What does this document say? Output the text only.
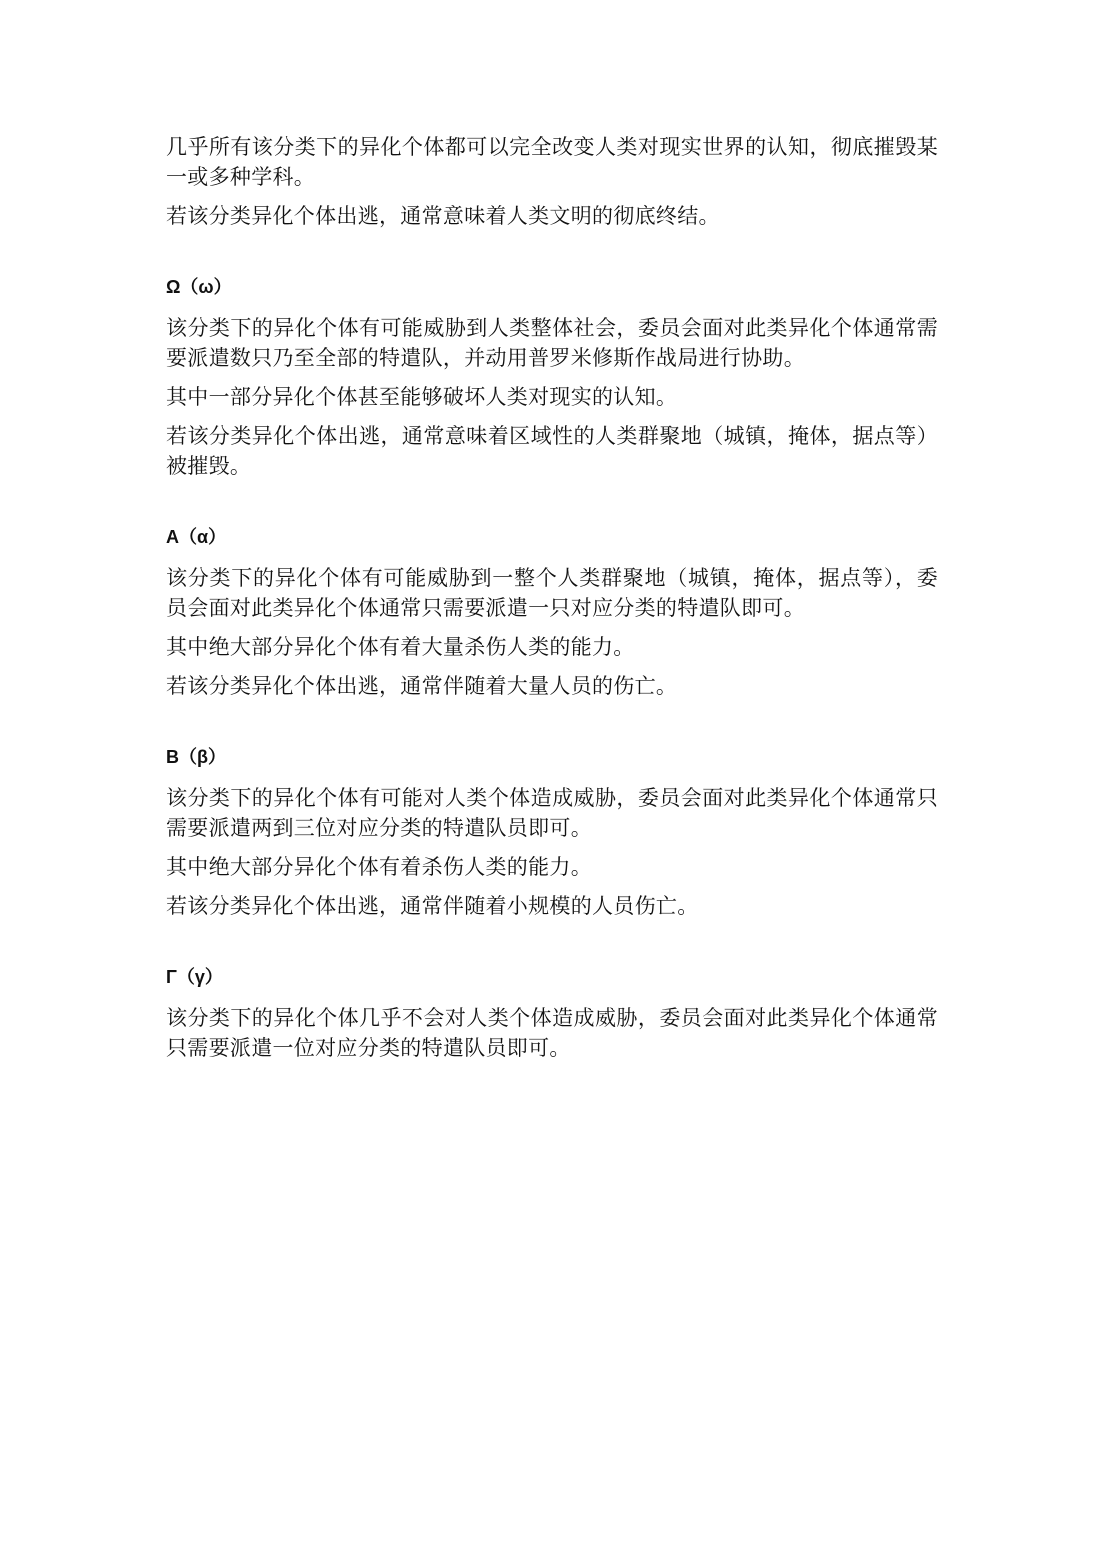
几乎所有该分类下的异化个体都可以完全改变人类对现实世界的认知，彻底摧毁某一或多种学科。

若该分类异化个体出逃，通常意味着人类文明的彻底终结。

Ω（ω）

该分类下的异化个体有可能威胁到人类整体社会，委员会面对此类异化个体通常需要派遣数只乃至全部的特遣队，并动用普罗米修斯作战局进行协助。

其中一部分异化个体甚至能够破坏人类对现实的认知。

若该分类异化个体出逃，通常意味着区域性的人类群聚地（城镇，掩体，据点等）被摧毁。

A（α）

该分类下的异化个体有可能威胁到一整个人类群聚地（城镇，掩体，据点等），委员会面对此类异化个体通常只需要派遣一只对应分类的特遣队即可。

其中绝大部分异化个体有着大量杀伤人类的能力。

若该分类异化个体出逃，通常伴随着大量人员的伤亡。

B（β）

该分类下的异化个体有可能对人类个体造成威胁，委员会面对此类异化个体通常只需要派遣两到三位对应分类的特遣队员即可。

其中绝大部分异化个体有着杀伤人类的能力。

若该分类异化个体出逃，通常伴随着小规模的人员伤亡。

Γ（γ）

该分类下的异化个体几乎不会对人类个体造成威胁，委员会面对此类异化个体通常只需要派遣一位对应分类的特遣队员即可。
